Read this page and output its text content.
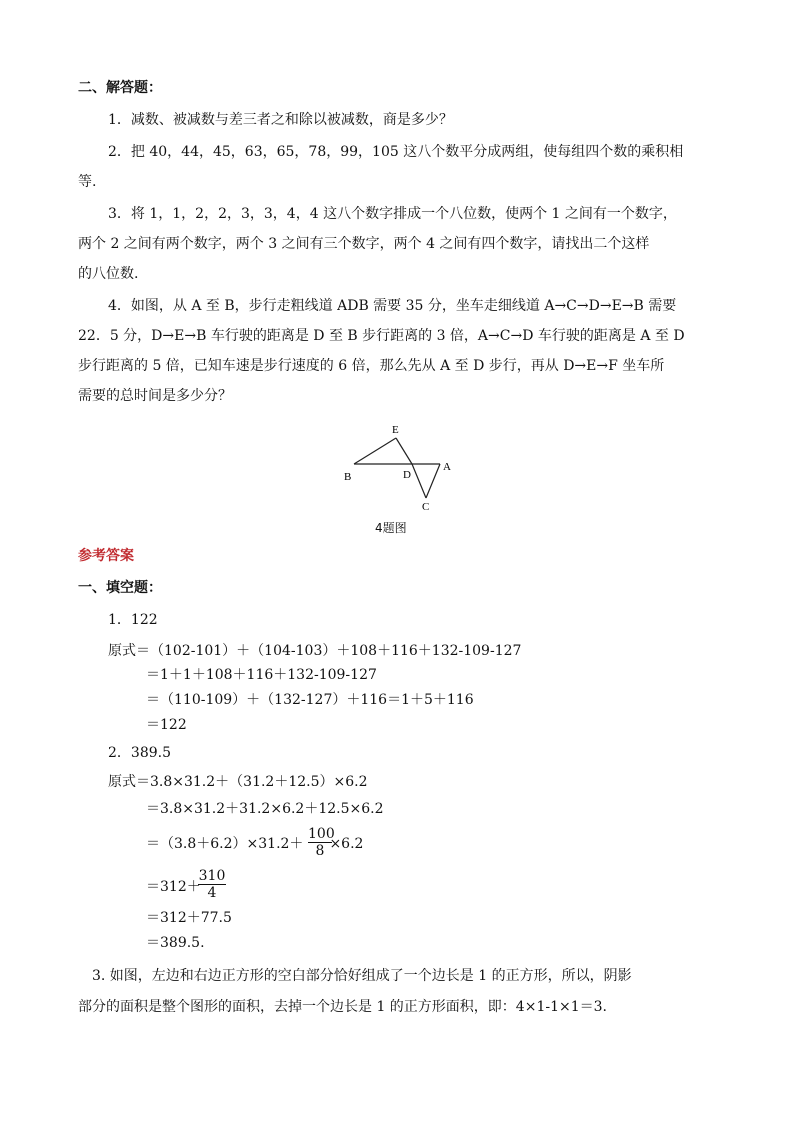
二、解答题：
1．减数、被减数与差三者之和除以被减数，商是多少？
2．把 40，44，45，63，65，78，99，105 这八个数平分成两组，使每组四个数的乘积相
等.
3．将 1，1，2，2，3，3，4，4 这八个数字排成一个八位数，使两个 1 之间有一个数字，
两个 2 之间有两个数字，两个 3 之间有三个数字，两个 4 之间有四个数字，请找出二个这样
的八位数.
4．如图，从 A 至 B，步行走粗线道 ADB 需要 35 分，坐车走细线道 A→C→D→E→B 需要
22．5 分，D→E→B 车行驶的距离是 D 至 B 步行距离的 3 倍，A→C→D 车行驶的距离是 A 至 D
步行距离的 5 倍，已知车速是步行速度的 6 倍，那么先从 A 至 D 步行，再从 D→E→F 坐车所
需要的总时间是多少分？
E
B	D
A
C
4题图
参考答案
一、填空题：
1．122
原式＝（102-101）＋（104-103）＋108＋116＋132-109-127
＝1＋1＋108＋116＋132-109-127
＝（110-109）＋（132-127）＋116＝1＋5＋116
＝122
2．389.5
原式＝3.8×31.2＋（31.2＋12.5）×6.2
＝3.8×31.2＋31.2×6.2＋12.5×6.2
＝（3.8＋6.2）×31.2＋ ×6.2
100
8
＝312＋
310
4
＝312＋77.5
＝389.5.
3. 如图，左边和右边正方形的空白部分恰好组成了一个边长是 1 的正方形，所以，阴影
部分的面积是整个图形的面积，去掉一个边长是 1 的正方形面积，即：4×1-1×1＝3.
